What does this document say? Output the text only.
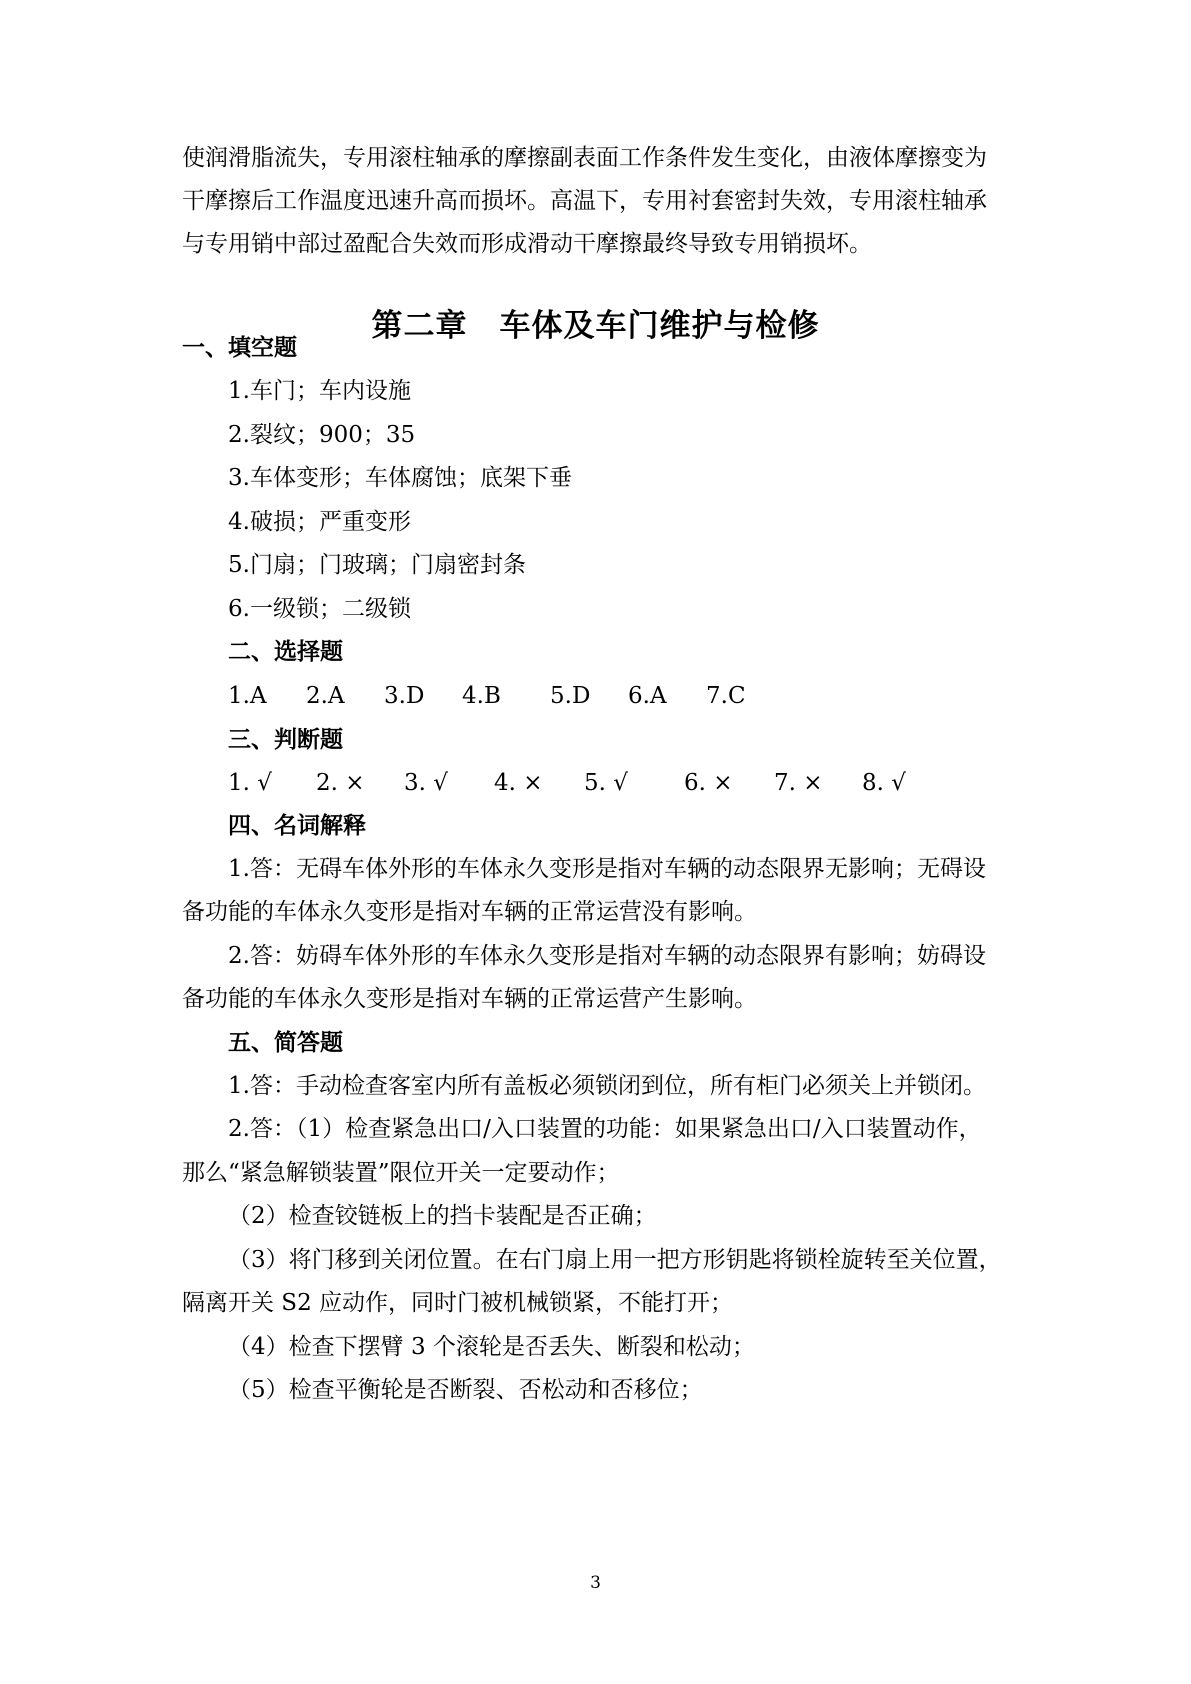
使润滑脂流失，专用滚柱轴承的摩擦副表面工作条件发生变化，由液体摩擦变为
干摩擦后工作温度迅速升高而损坏。高温下，专用衬套密封失效，专用滚柱轴承
与专用销中部过盈配合失效而形成滑动干摩擦最终导致专用销损坏。
第二章　车体及车门维护与检修
一、填空题
1.车门；车内设施
2.裂纹；900；35
3.车体变形；车体腐蚀；底架下垂
4.破损；严重变形
5.门扇；门玻璃；门扇密封条
6.一级锁；二级锁
二、选择题
1.A 2.A 3.D 4.B 5.D 6.A 7.C
三、判断题
1. √ 2. × 3. √ 4. × 5. √ 6. × 7. × 8. √
四、名词解释
1.答：无碍车体外形的车体永久变形是指对车辆的动态限界无影响；无碍设
备功能的车体永久变形是指对车辆的正常运营没有影响。
2.答：妨碍车体外形的车体永久变形是指对车辆的动态限界有影响；妨碍设
备功能的车体永久变形是指对车辆的正常运营产生影响。
五、简答题
1.答：手动检查客室内所有盖板必须锁闭到位，所有柜门必须关上并锁闭。
2.答：（1）检查紧急出口/入口装置的功能：如果紧急出口/入口装置动作，
那么“紧急解锁装置”限位开关一定要动作；
（2）检查铰链板上的挡卡装配是否正确；
（3）将门移到关闭位置。在右门扇上用一把方形钥匙将锁栓旋转至关位置，
隔离开关 S2 应动作，同时门被机械锁紧，不能打开；
（4）检查下摆臂 3 个滚轮是否丢失、断裂和松动；
（5）检查平衡轮是否断裂、否松动和否移位；
3
